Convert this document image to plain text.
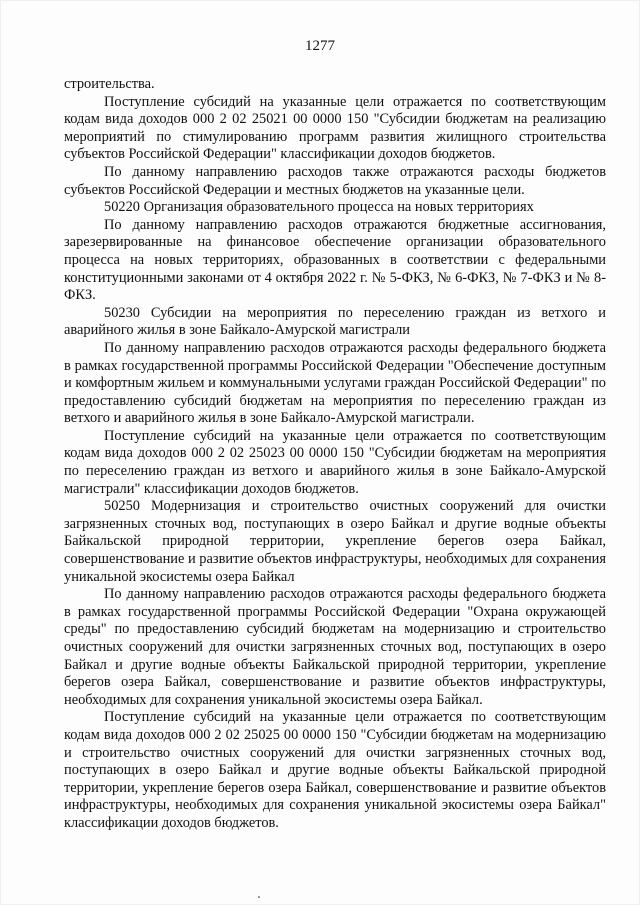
1277

строительства.

Поступление субсидий на указанные цели отражается по соответствующим кодам вида доходов 000 2 02 25021 00 0000 150 "Субсидии бюджетам на реализацию мероприятий по стимулированию программ развития жилищного строительства субъектов Российской Федерации" классификации доходов бюджетов.

По данному направлению расходов также отражаются расходы бюджетов субъектов Российской Федерации и местных бюджетов на указанные цели.

50220 Организация образовательного процесса на новых территориях

По данному направлению расходов отражаются бюджетные ассигнования, зарезервированные на финансовое обеспечение организации образовательного процесса на новых территориях, образованных в соответствии с федеральными конституционными законами от 4 октября 2022 г. № 5-ФКЗ, № 6-ФКЗ, № 7-ФКЗ и № 8-ФКЗ.

50230 Субсидии на мероприятия по переселению граждан из ветхого и аварийного жилья в зоне Байкало-Амурской магистрали

По данному направлению расходов отражаются расходы федерального бюджета в рамках государственной программы Российской Федерации "Обеспечение доступным и комфортным жильем и коммунальными услугами граждан Российской Федерации" по предоставлению субсидий бюджетам на мероприятия по переселению граждан из ветхого и аварийного жилья в зоне Байкало-Амурской магистрали.

Поступление субсидий на указанные цели отражается по соответствующим кодам вида доходов 000 2 02 25023 00 0000 150 "Субсидии бюджетам на мероприятия по переселению граждан из ветхого и аварийного жилья в зоне Байкало-Амурской магистрали" классификации доходов бюджетов.

50250 Модернизация и строительство очистных сооружений для очистки загрязненных сточных вод, поступающих в озеро Байкал и другие водные объекты Байкальской природной территории, укрепление берегов озера Байкал, совершенствование и развитие объектов инфраструктуры, необходимых для сохранения уникальной экосистемы озера Байкал

По данному направлению расходов отражаются расходы федерального бюджета в рамках государственной программы Российской Федерации "Охрана окружающей среды" по предоставлению субсидий бюджетам на модернизацию и строительство очистных сооружений для очистки загрязненных сточных вод, поступающих в озеро Байкал и другие водные объекты Байкальской природной территории, укрепление берегов озера Байкал, совершенствование и развитие объектов инфраструктуры, необходимых для сохранения уникальной экосистемы озера Байкал.

Поступление субсидий на указанные цели отражается по соответствующим кодам вида доходов 000 2 02 25025 00 0000 150 "Субсидии бюджетам на модернизацию и строительство очистных сооружений для очистки загрязненных сточных вод, поступающих в озеро Байкал и другие водные объекты Байкальской природной территории, укрепление берегов озера Байкал, совершенствование и развитие объектов инфраструктуры, необходимых для сохранения уникальной экосистемы озера Байкал" классификации доходов бюджетов.
